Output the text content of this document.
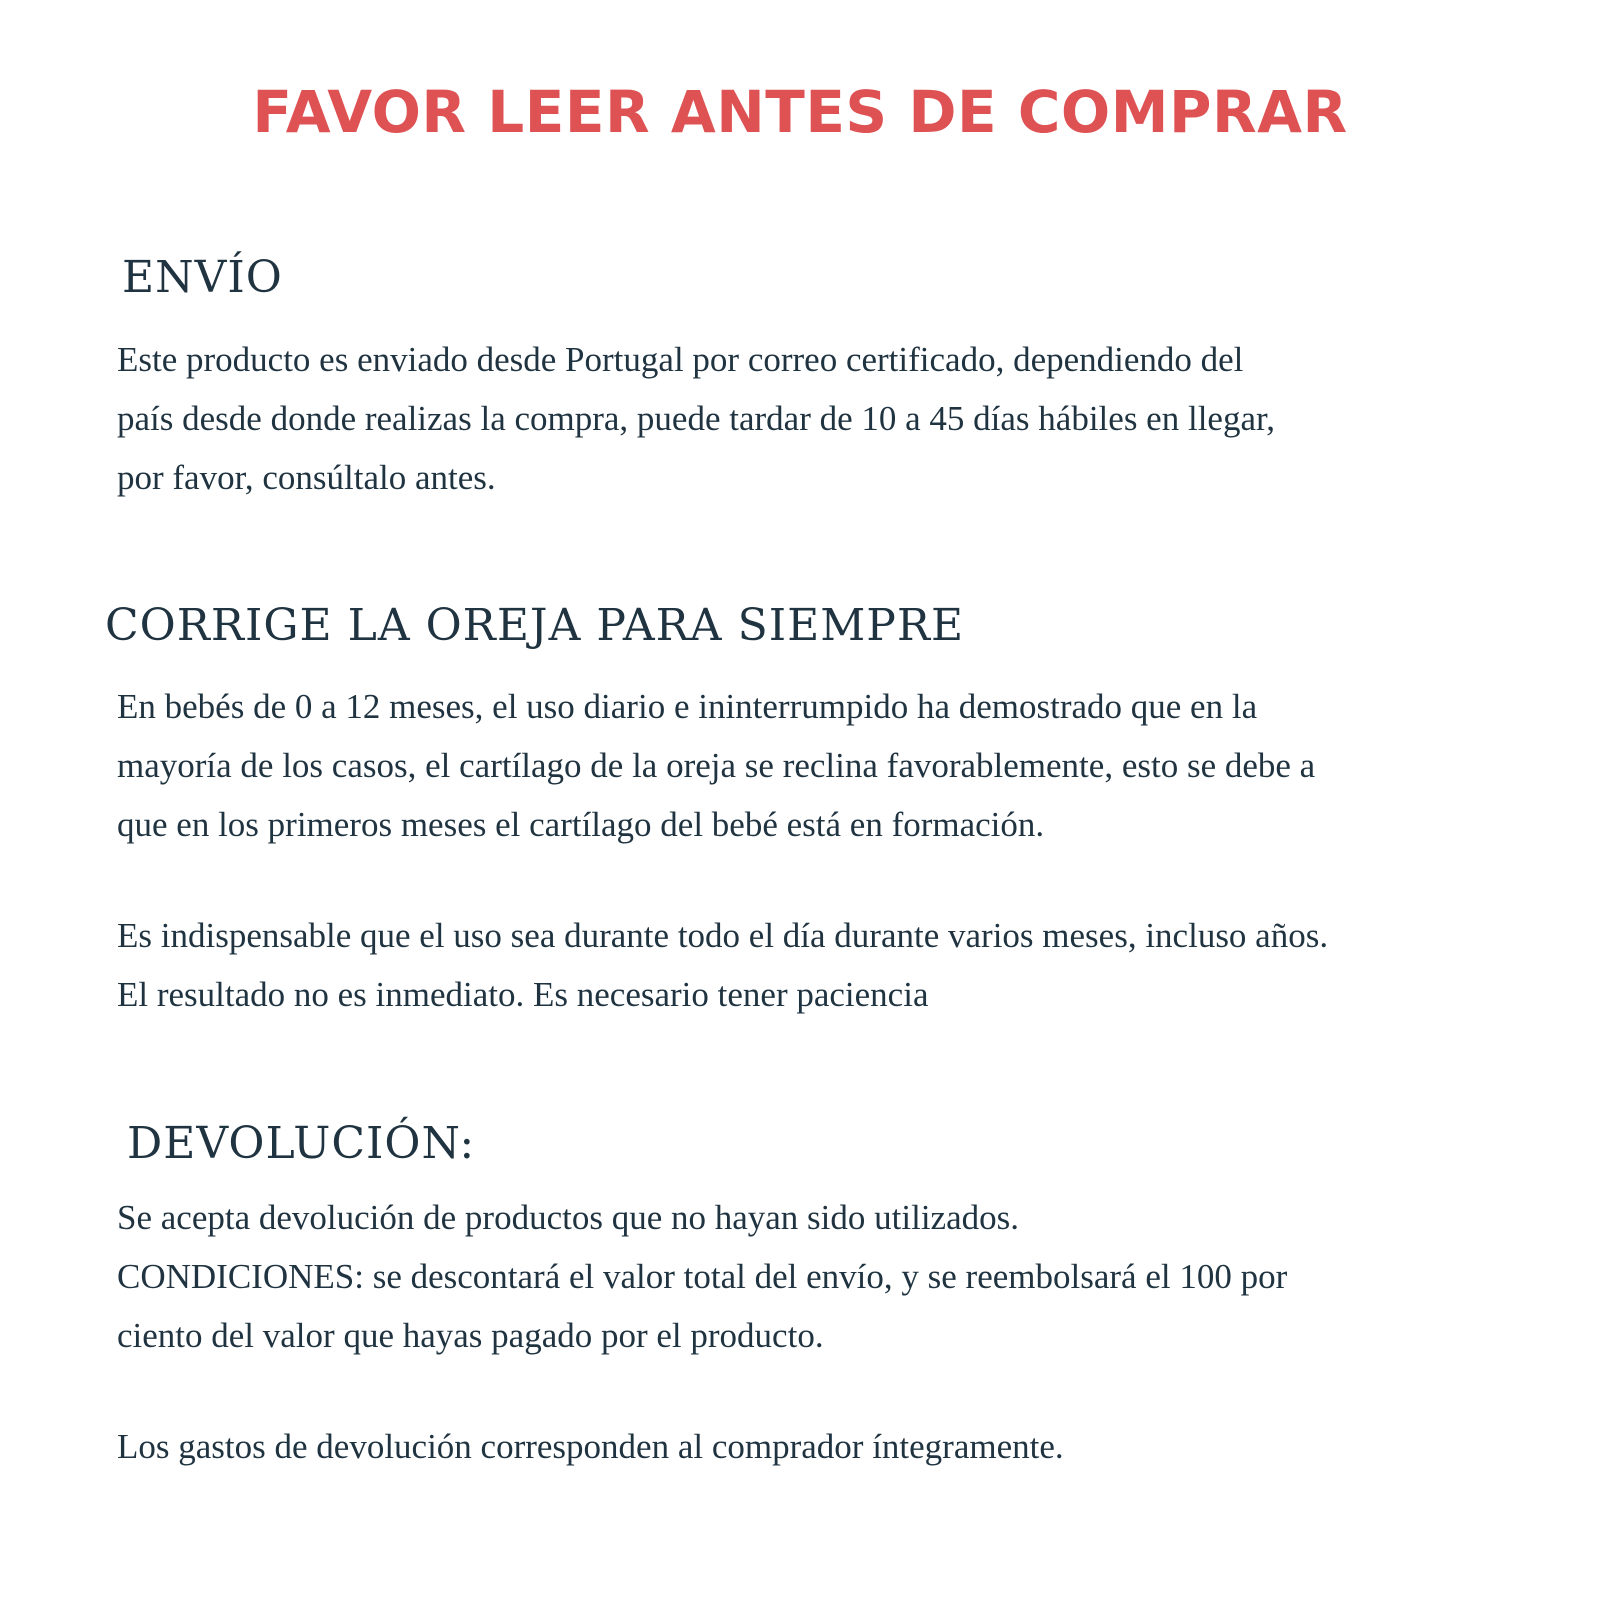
FAVOR LEER ANTES DE COMPRAR
ENVÍO

Este producto es enviado desde Portugal por correo certificado, dependiendo del
país desde donde realizas la compra, puede tardar de 10 a 45 días hábiles en llegar,
por favor, consúltalo antes.

CORRIGE LA OREJA PARA SIEMPRE

En bebés de 0 a 12 meses, el uso diario e ininterrumpido ha demostrado que en la
mayoría de los casos, el cartílago de la oreja se reclina favorablemente, esto se debe a
que en los primeros meses el cartílago del bebé está en formación.

Es indispensable que el uso sea durante todo el día durante varios meses, incluso años.
El resultado no es inmediato. Es necesario tener paciencia

DEVOLUCIÓN:

Se acepta devolución de productos que no hayan sido utilizados.
CONDICIONES: se descontará el valor total del envío, y se reembolsará el 100 por
ciento del valor que hayas pagado por el producto.

Los gastos de devolución corresponden al comprador íntegramente.
